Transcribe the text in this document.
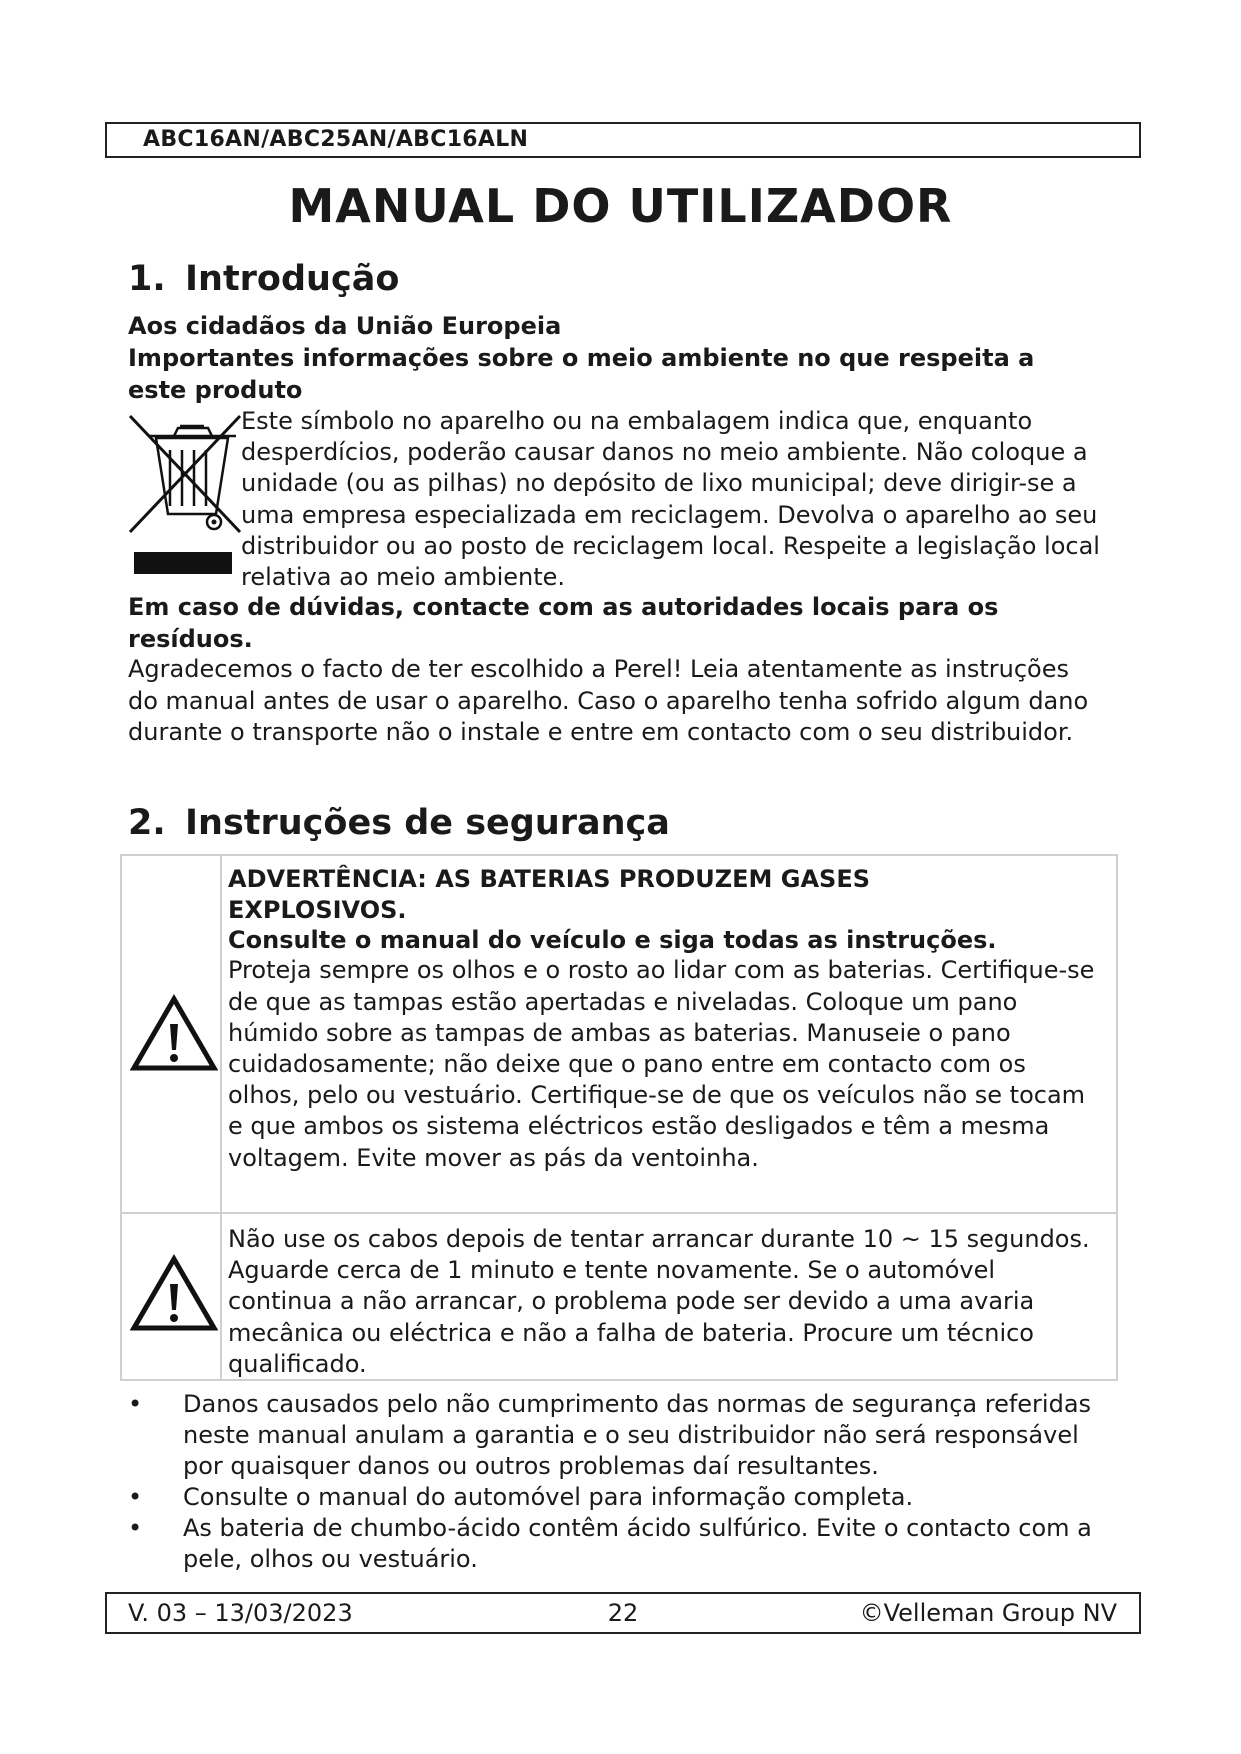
ABC16AN/ABC25AN/ABC16ALN
MANUAL DO UTILIZADOR
1. Introdução
Aos cidadãos da União Europeia
Importantes informações sobre o meio ambiente no que respeita a este produto
Este símbolo no aparelho ou na embalagem indica que, enquanto desperdícios, poderão causar danos no meio ambiente. Não coloque a unidade (ou as pilhas) no depósito de lixo municipal; deve dirigir-se a uma empresa especializada em reciclagem. Devolva o aparelho ao seu distribuidor ou ao posto de reciclagem local. Respeite a legislação local relativa ao meio ambiente.
Em caso de dúvidas, contacte com as autoridades locais para os resíduos.
Agradecemos o facto de ter escolhido a Perel! Leia atentamente as instruções do manual antes de usar o aparelho. Caso o aparelho tenha sofrido algum dano durante o transporte não o instale e entre em contacto com o seu distribuidor.
2. Instruções de segurança
ADVERTÊNCIA: AS BATERIAS PRODUZEM GASES EXPLOSIVOS.
Consulte o manual do veículo e siga todas as instruções.
Proteja sempre os olhos e o rosto ao lidar com as baterias. Certifique-se de que as tampas estão apertadas e niveladas. Coloque um pano húmido sobre as tampas de ambas as baterias. Manuseie o pano cuidadosamente; não deixe que o pano entre em contacto com os olhos, pelo ou vestuário. Certifique-se de que os veículos não se tocam e que ambos os sistema eléctricos estão desligados e têm a mesma voltagem. Evite mover as pás da ventoinha.
Não use os cabos depois de tentar arrancar durante 10 ~ 15 segundos. Aguarde cerca de 1 minuto e tente novamente. Se o automóvel continua a não arrancar, o problema pode ser devido a uma avaria mecânica ou eléctrica e não a falha de bateria. Procure um técnico qualificado.
• Danos causados pelo não cumprimento das normas de segurança referidas neste manual anulam a garantia e o seu distribuidor não será responsável por quaisquer danos ou outros problemas daí resultantes.
• Consulte o manual do automóvel para informação completa.
• As bateria de chumbo-ácido contêm ácido sulfúrico. Evite o contacto com a pele, olhos ou vestuário.
V. 03 – 13/03/2023	22	©Velleman Group NV
